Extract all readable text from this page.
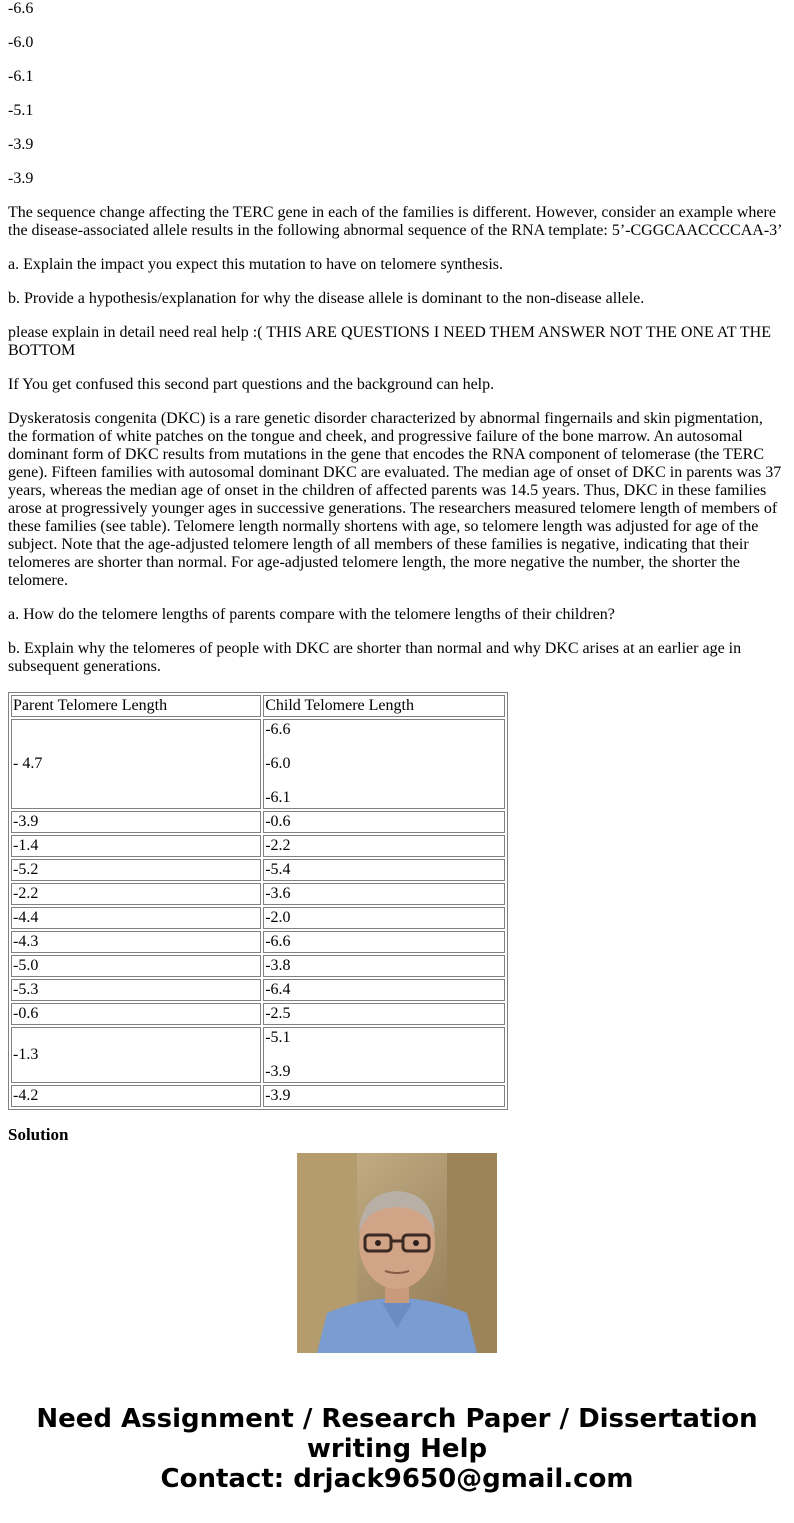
-6.6

-6.0

-6.1

-5.1

-3.9

-3.9

The sequence change affecting the TERC gene in each of the families is different. However, consider an example where the disease-associated allele results in the following abnormal sequence of the RNA template: 5’-CGGCAACCCCAA-3’

a. Explain the impact you expect this mutation to have on telomere synthesis.

b. Provide a hypothesis/explanation for why the disease allele is dominant to the non-disease allele.

please explain in detail need real help :( THIS ARE QUESTIONS I NEED THEM ANSWER NOT THE ONE AT THE BOTTOM

If You get confused this second part questions and the background can help.

Dyskeratosis congenita (DKC) is a rare genetic disorder characterized by abnormal fingernails and skin pigmentation, the formation of white patches on the tongue and cheek, and progressive failure of the bone marrow. An autosomal dominant form of DKC results from mutations in the gene that encodes the RNA component of telomerase (the TERC gene). Fifteen families with autosomal dominant DKC are evaluated. The median age of onset of DKC in parents was 37 years, whereas the median age of onset in the children of affected parents was 14.5 years. Thus, DKC in these families arose at progressively younger ages in successive generations. The researchers measured telomere length of members of these families (see table). Telomere length normally shortens with age, so telomere length was adjusted for age of the subject. Note that the age-adjusted telomere length of all members of these families is negative, indicating that their telomeres are shorter than normal. For age-adjusted telomere length, the more negative the number, the shorter the telomere.

a. How do the telomere lengths of parents compare with the telomere lengths of their children?

b. Explain why the telomeres of people with DKC are shorter than normal and why DKC arises at an earlier age in subsequent generations.

Parent Telomere Length	Child Telomere Length
- 4.7	-6.6

-6.0

-6.1

-3.9	-0.6
-1.4	-2.2
-5.2	-5.4
-2.2	-3.6
-4.4	-2.0
-4.3	-6.6
-5.0	-3.8
-5.3	-6.4
-0.6	-2.5
-1.3	-5.1

-3.9

-4.2	-3.9
Solution
Need Assignment / Research Paper / Dissertation
writing Help
Contact: drjack9650@gmail.com
